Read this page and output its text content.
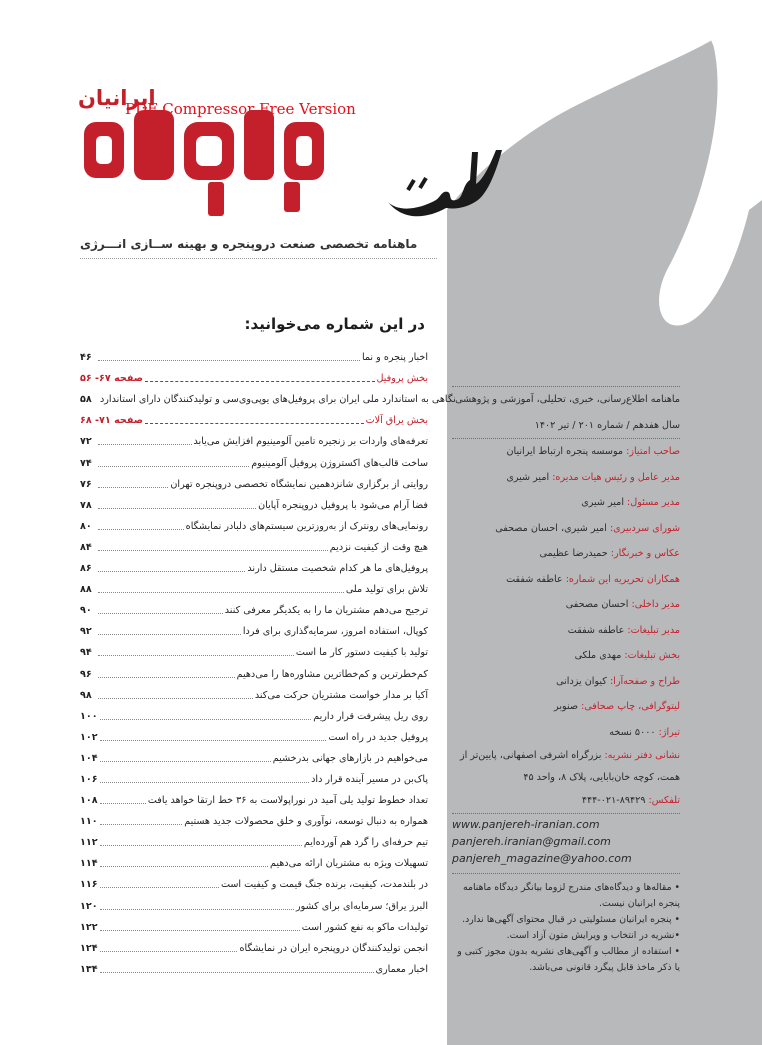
ایرانیان
PDF Compressor Free Version
ماهنامه تخصصی صنعت دروپنجره و بهینه ســازی انـــرژی
در این شماره می‌خوانید:
۴۶	اخبار پنجره و نما
صفحه ۶۷- ۵۶	بخش پروفیل
۵۸ نگاهی به استاندارد ملی ایران برای پروفیل‌های یوپی‌وی‌سی و تولیدکنندگان دارای استاندارد
صفحه ۷۱- ۶۸	بخش یراق آلات
۷۲	تعرفه‌های واردات بر زنجیره تامین آلومینیوم افزایش می‌یابد
۷۴	ساخت قالب‌های اکستروژن پروفیل آلومینیوم
۷۶	روایتی از برگزاری شانزدهمین نمایشگاه تخصصی درو‌پنجره تهران
۷۸	فضا آرام می‌شود با پروفیل درو‌پنجره آپایان
۸۰	رونمایی‌های رونترک از به‌روزترین سیستم‌های دلبادر نمایشگاه
۸۴	هیچ وقت از کیفیت نزدیم
۸۶	پروفیل‌های ما هر کدام شخصیت مستقل دارند
۸۸	تلاش برای تولید ملی
۹۰	ترجیح می‌دهم مشتریان ما را به یکدیگر معرفی کنند
۹۲	کوپال، استفاده امروز، سرمایه‌گذاری برای فردا
۹۴	تولید با کیفیت دستور کار ما است
۹۶	کم‌خطرترین و کم‌خطاترین مشاوره‌ها را می‌دهیم
۹۸	آکیا بر مدار خواست مشتریان حرکت می‌کند
۱۰۰	روی ریل پیشرفت قرار داریم
۱۰۲	پروفیل جدید در راه است
۱۰۴	می‌خواهیم در بازارهای جهانی بدرخشیم
۱۰۶	پاک‌بن در مسیر آینده قرار داد
۱۰۸	تعداد خطوط تولید یلی آمید در نوراپولاست به ۳۶ خط ارتقا خواهد یافت
۱۱۰	همواره به دنبال توسعه، نوآوری و خلق محصولات جدید هستیم
۱۱۲	تیم حرفه‌ای را گرد هم آورده‌ایم
۱۱۴	تسهیلات ویژه به مشتریان ارائه می‌دهیم
۱۱۶	در بلندمدت، کیفیت، برنده جنگ قیمت و کیفیت است
۱۲۰	البرز یراق؛ سرمایه‌ای برای کشور
۱۲۲	تولیدات ماکو به نفع کشور است
۱۲۴	انجمن تولیدکنندگان درو‌پنجره ایران در نمایشگاه
۱۳۴	اخبار معماری
ماهنامه اطلاع‌رسانی، خبری، تحلیلی، آموزشی و پژوهشی
سال هفدهم / شماره ۲۰۱ / تیر ۱۴۰۲
صاحب امتیاز: موسسه پنجره ارتباط ایرانیان
مدیر عامل و رئیس هیات مدیره: امیر شیری
مدیر مسئول: امیر شیری
شورای سردبیری: امیر شیری، احسان مصحفی
عکاس و خبرنگار: حمیدرضا عظیمی
همکاران تحریریه این شماره: عاطفه شفقت
مدیر داخلی: احسان مصحفی
مدیر تبلیغات: عاطفه شفقت
بخش تبلیغات: مهدی ملکی
طراح و صفحه‌آرا: کیوان یزدانی
لیتوگرافی، چاپ صحافی: صنوبر
تیراژ: ۵۰۰۰ نسخه
نشانی دفتر نشریه: بزرگراه اشرفی اصفهانی، پایین‌تر از
همت، کوچه خان‌بابایی، پلاک ۸، واحد ۴۵
تلفکس: ۸۹۴۲۹-۰۲۱-۴۴۴
www.panjereh-iranian.com
panjereh.iranian@gmail.com
panjereh_magazine@yahoo.com
• مقاله‌ها و دیدگاه‌های مندرج لزوما بیانگر دیدگاه ماهنامه پنجره ایرانیان نیست.
• پنجره ایرانیان مسئولیتی در قبال محتوای آگهی‌ها ندارد.
•نشریه در انتخاب و ویرایش متون آزاد است.
• استفاده از مطالب و آگهی‌های نشریه بدون مجوز کتبی و یا ذکر ماخذ قابل پیگرد قانونی می‌باشد.
